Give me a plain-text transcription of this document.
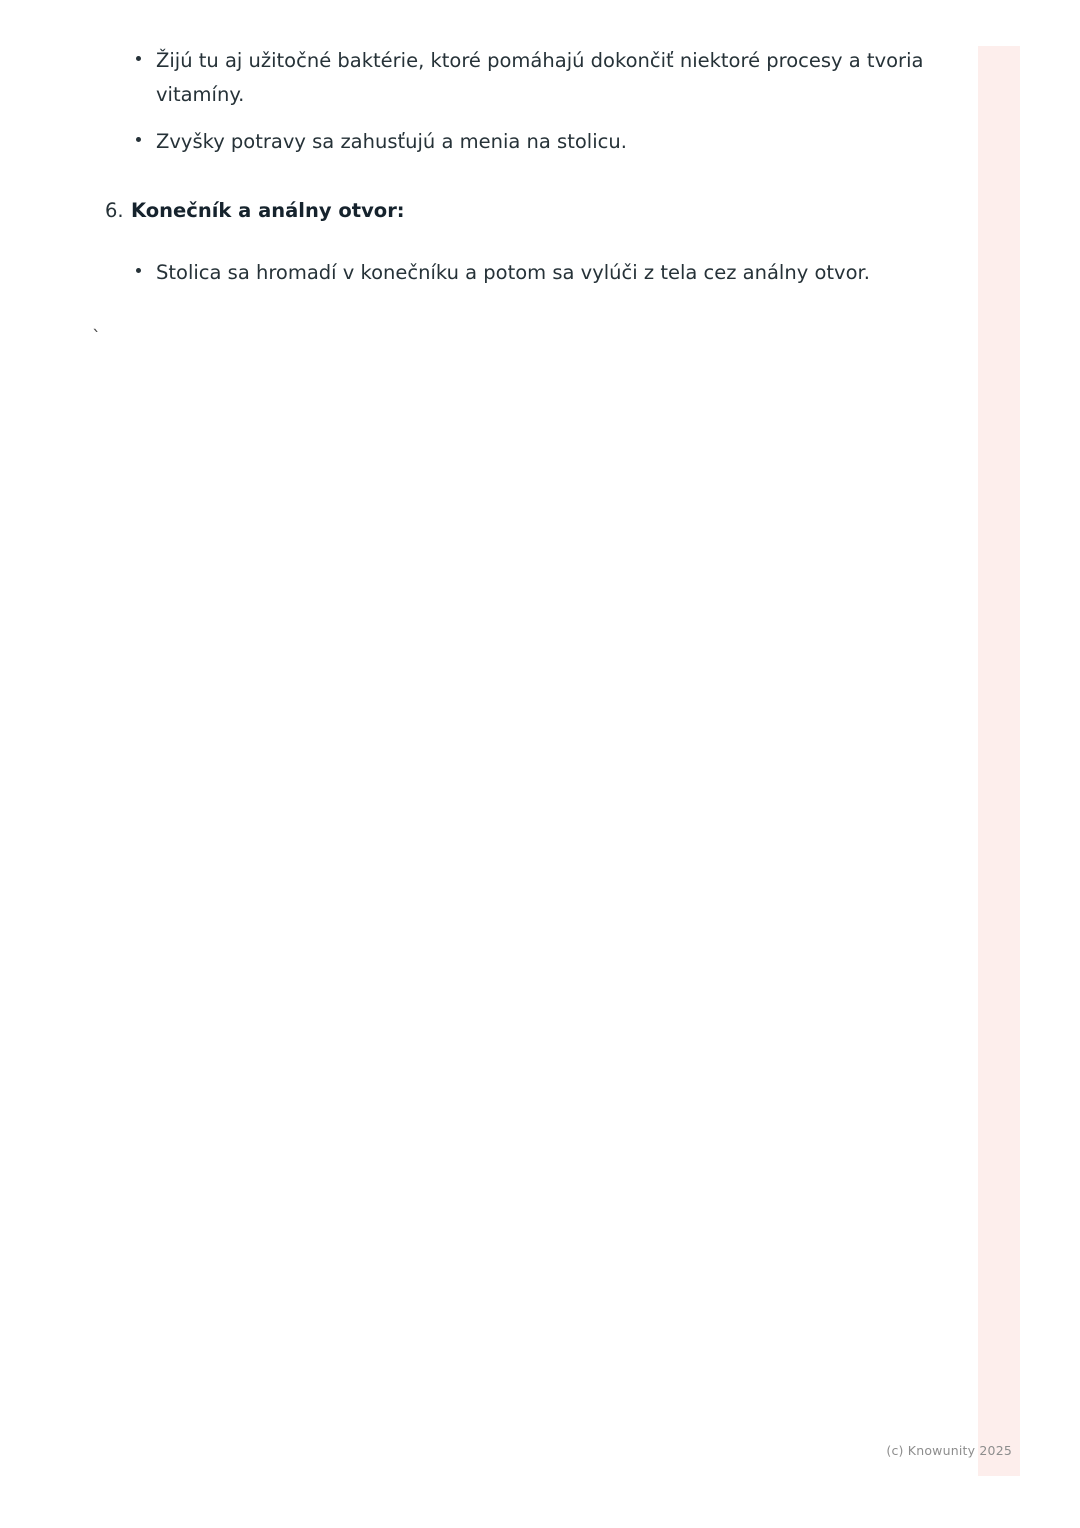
Žijú tu aj užitočné baktérie, ktoré pomáhajú dokončiť niektoré procesy a tvoria vitamíny.
Zvyšky potravy sa zahusťujú a menia na stolicu.
6. Konečník a análny otvor:
Stolica sa hromadí v konečníku a potom sa vylúči z tela cez análny otvor.
`
(c) Knowunity 2025
